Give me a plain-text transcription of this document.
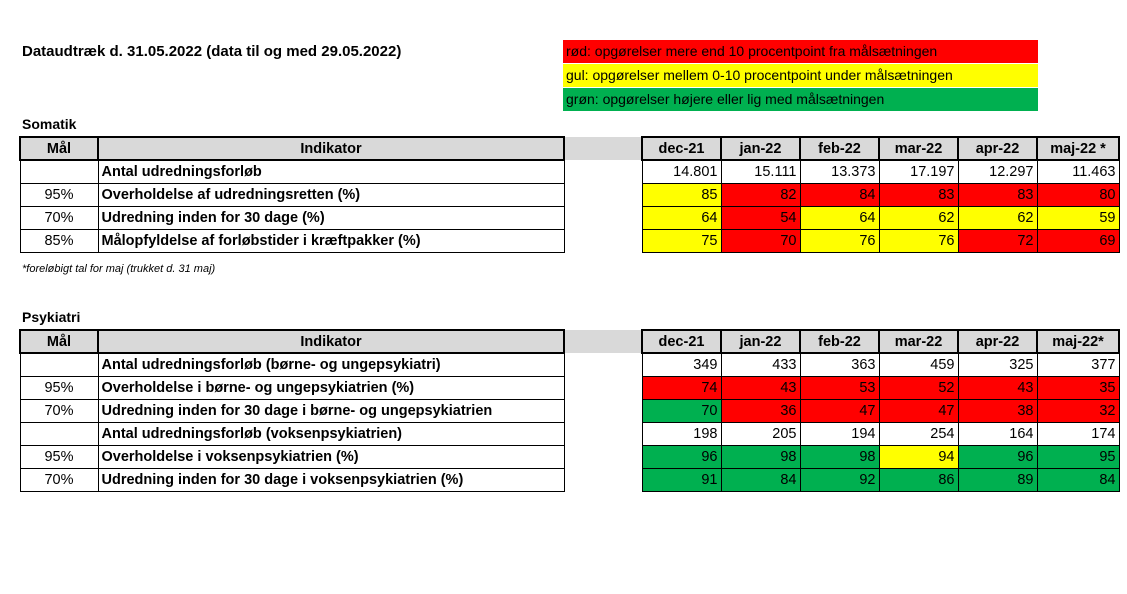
Dataudtræk d. 31.05.2022 (data til og med 29.05.2022)	rød: opgørelser mere end 10 procentpoint fra målsætningen
gul: opgørelser mellem 0-10 procentpoint under målsætningen
grøn: opgørelser højere eller lig med målsætningen
Somatik
Mål	Indikator		dec-21	jan-22	feb-22	mar-22	apr-22	maj-22 *
	Antal udredningsforløb		14.801	15.111	13.373	17.197	12.297	11.463
95%	Overholdelse af udredningsretten (%)		85	82	84	83	83	80
70%	Udredning inden for 30 dage (%)		64	54	64	62	62	59
85%	Målopfyldelse af forløbstider i kræftpakker (%)		75	70	76	76	72	69
*foreløbigt tal for maj (trukket d. 31 maj)
Psykiatri
Mål	Indikator		dec-21	jan-22	feb-22	mar-22	apr-22	maj-22*
	Antal udredningsforløb (børne- og ungepsykiatri)		349	433	363	459	325	377
95%	Overholdelse i børne- og ungepsykiatrien (%)		74	43	53	52	43	35
70%	Udredning inden for 30 dage i børne- og ungepsykiatrien		70	36	47	47	38	32
	Antal udredningsforløb (voksenpsykiatrien)		198	205	194	254	164	174
95%	Overholdelse i voksenpsykiatrien (%)		96	98	98	94	96	95
70%	Udredning inden for 30 dage i voksenpsykiatrien (%)		91	84	92	86	89	84
